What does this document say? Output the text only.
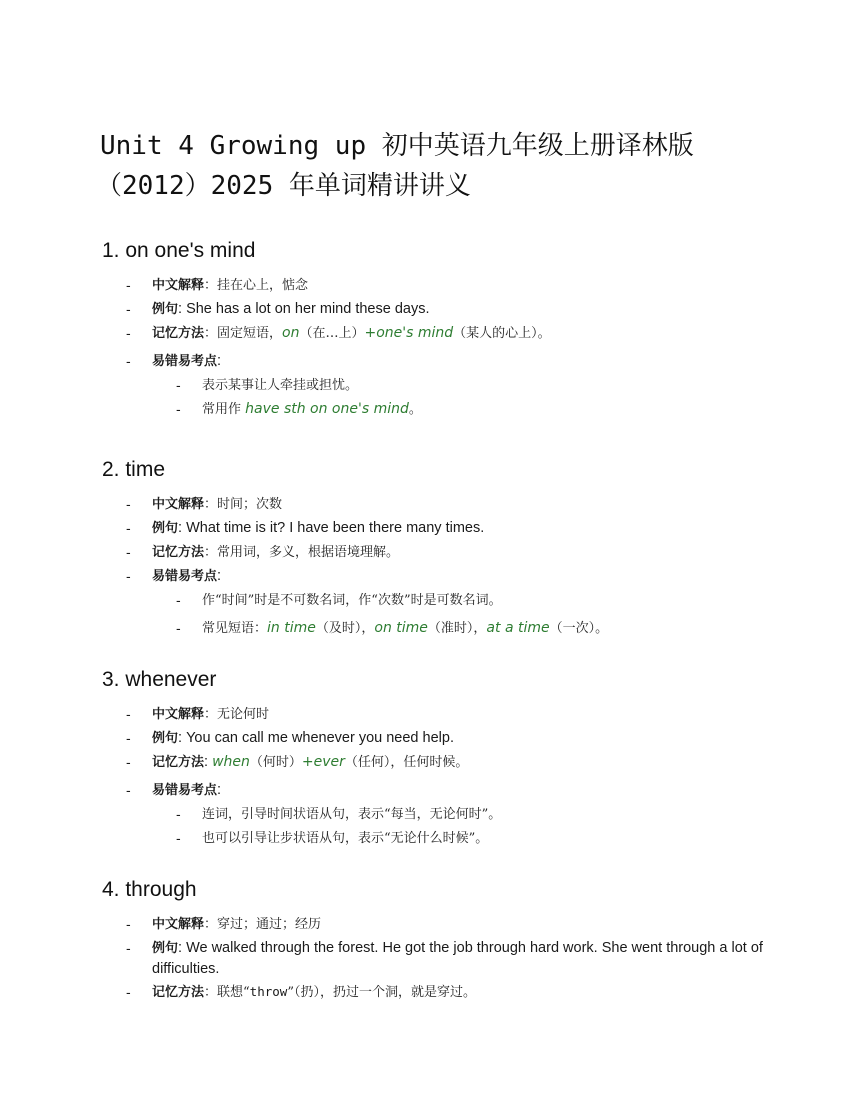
Unit 4 Growing up 初中英语九年级上册译林版
（2012）2025 年单词精讲讲义
1. on one's mind
- 中文解释：挂在心上，惦念
- 例句: She has a lot on her mind these days.
- 记忆方法：固定短语，on（在…上）+one's mind（某人的心上）。
- 易错易考点:
- 表示某事让人牵挂或担忧。
- 常用作 have sth on one's mind。
2. time
- 中文解释：时间；次数
- 例句: What time is it? I have been there many times.
- 记忆方法：常用词，多义，根据语境理解。
- 易错易考点:
- 作“时间”时是不可数名词，作“次数”时是可数名词。
- 常见短语：in time（及时），on time（准时），at a time（一次）。
3. whenever
- 中文解释：无论何时
- 例句: You can call me whenever you need help.
- 记忆方法: when（何时）+ever（任何），任何时候。
- 易错易考点:
- 连词，引导时间状语从句，表示“每当，无论何时”。
- 也可以引导让步状语从句，表示“无论什么时候”。
4. through
- 中文解释：穿过；通过；经历
- 例句: We walked through the forest. He got the job through hard work. She went through a lot of difficulties.
- 记忆方法：联想“throw”（扔），扔过一个洞，就是穿过。
